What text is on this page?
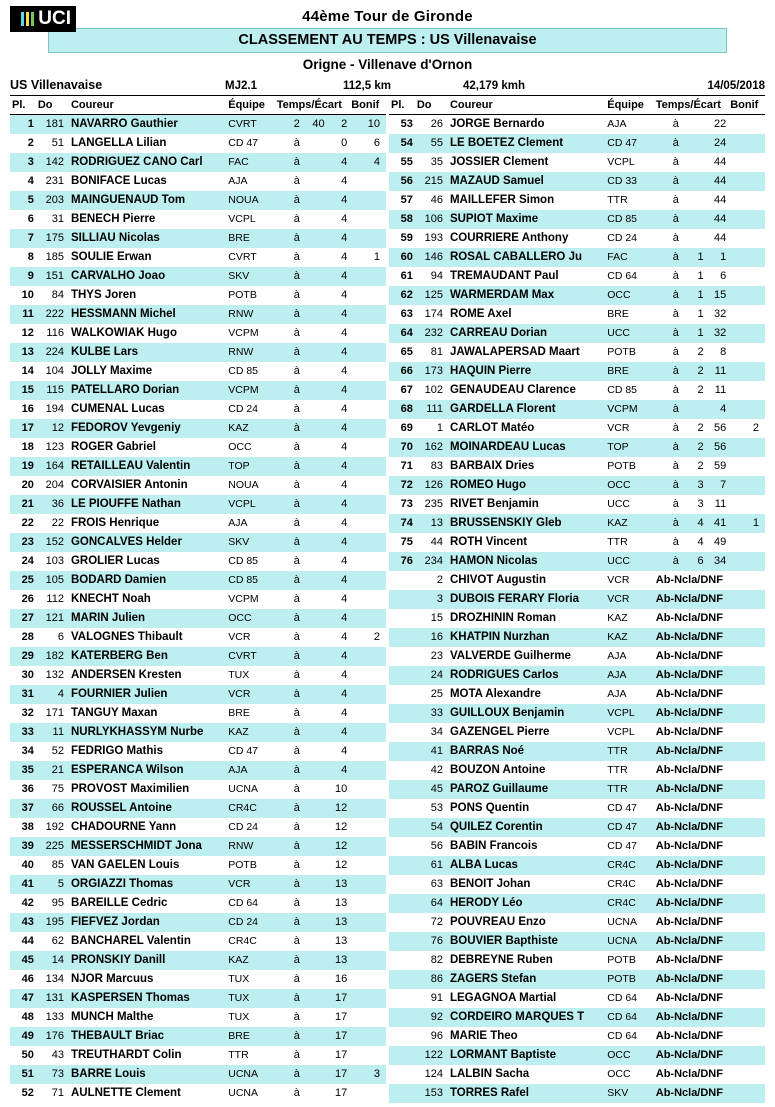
UCI	44ème Tour de Gironde
CLASSEMENT AU TEMPS : US Villenavaise
Origne - Villenave d'Ornon
US Villenavaise	MJ2.1	112,5 km	42,179 kmh	14/05/2018
Pl.	Do	Coureur	Équipe	Temps/Écart			Bonif
1	181	NAVARRO Gauthier	CVRT	2	40	2	10
2	51	LANGELLA Lilian	CD 47	à		0	6
3	142	RODRIGUEZ CANO Carl	FAC	à		4	4
4	231	BONIFACE Lucas	AJA	à		4	
5	203	MAINGUENAUD Tom	NOUA	à		4	
6	31	BENECH Pierre	VCPL	à		4	
7	175	SILLIAU Nicolas	BRE	à		4	
8	185	SOULIE Erwan	CVRT	à		4	1
9	151	CARVALHO Joao	SKV	à		4	
10	84	THYS Joren	POTB	à		4	
11	222	HESSMANN Michel	RNW	à		4	
12	116	WALKOWIAK Hugo	VCPM	à		4	
13	224	KULBE Lars	RNW	à		4	
14	104	JOLLY Maxime	CD 85	à		4	
15	115	PATELLARO Dorian	VCPM	à		4	
16	194	CUMENAL Lucas	CD 24	à		4	
17	12	FEDOROV Yevgeniy	KAZ	à		4	
18	123	ROGER Gabriel	OCC	à		4	
19	164	RETAILLEAU Valentin	TOP	à		4	
20	204	CORVAISIER Antonin	NOUA	à		4	
21	36	LE PIOUFFE Nathan	VCPL	à		4	
22	22	FROIS Henrique	AJA	à		4	
23	152	GONCALVES Helder	SKV	à		4	
24	103	GROLIER Lucas	CD 85	à		4	
25	105	BODARD Damien	CD 85	à		4	
26	112	KNECHT Noah	VCPM	à		4	
27	121	MARIN Julien	OCC	à		4	
28	6	VALOGNES Thibault	VCR	à		4	2
29	182	KATERBERG Ben	CVRT	à		4	
30	132	ANDERSEN Kresten	TUX	à		4	
31	4	FOURNIER Julien	VCR	à		4	
32	171	TANGUY Maxan	BRE	à		4	
33	11	NURLYKHASSYM Nurbe	KAZ	à		4	
34	52	FEDRIGO Mathis	CD 47	à		4	
35	21	ESPERANCA Wilson	AJA	à		4	
36	75	PROVOST Maximilien	UCNA	à		10	
37	66	ROUSSEL Antoine	CR4C	à		12	
38	192	CHADOURNE Yann	CD 24	à		12	
39	225	MESSERSCHMIDT Jona	RNW	à		12	
40	85	VAN GAELEN Louis	POTB	à		12	
41	5	ORGIAZZI Thomas	VCR	à		13	
42	95	BAREILLE Cedric	CD 64	à		13	
43	195	FIEFVEZ Jordan	CD 24	à		13	
44	62	BANCHAREL Valentin	CR4C	à		13	
45	14	PRONSKIY Danill	KAZ	à		13	
46	134	NJOR Marcuus	TUX	à		16	
47	131	KASPERSEN Thomas	TUX	à		17	
48	133	MUNCH Malthe	TUX	à		17	
49	176	THEBAULT Briac	BRE	à		17	
50	43	TREUTHARDT Colin	TTR	à		17	
51	73	BARRE Louis	UCNA	à		17	3
52	71	AULNETTE Clement	UCNA	à		17	
Pl.	Do	Coureur	Équipe	Temps/Écart			Bonif
53	26	JORGE Bernardo	AJA	à		22	
54	55	LE BOETEZ Clement	CD 47	à		24	
55	35	JOSSIER Clement	VCPL	à		44	
56	215	MAZAUD Samuel	CD 33	à		44	
57	46	MAILLEFER Simon	TTR	à		44	
58	106	SUPIOT Maxime	CD 85	à		44	
59	193	COURRIERE Anthony	CD 24	à		44	
60	146	ROSAL CABALLERO Ju	FAC	à	1	1	
61	94	TREMAUDANT Paul	CD 64	à	1	6	
62	125	WARMERDAM Max	OCC	à	1	15	
63	174	ROME Axel	BRE	à	1	32	
64	232	CARREAU Dorian	UCC	à	1	32	
65	81	JAWALAPERSAD Maart	POTB	à	2	8	
66	173	HAQUIN Pierre	BRE	à	2	11	
67	102	GENAUDEAU Clarence	CD 85	à	2	11	
68	111	GARDELLA Florent	VCPM	à		4	
69	1	CARLOT Matéo	VCR	à	2	56	2
70	162	MOINARDEAU Lucas	TOP	à	2	56	
71	83	BARBAIX Dries	POTB	à	2	59	
72	126	ROMEO Hugo	OCC	à	3	7	
73	235	RIVET Benjamin	UCC	à	3	11	
74	13	BRUSSENSKIY Gleb	KAZ	à	4	41	1
75	44	ROTH Vincent	TTR	à	4	49	
76	234	HAMON Nicolas	UCC	à	6	34	
	2	CHIVOT Augustin	VCR	Ab-Ncla/DNF			
	3	DUBOIS FERARY Floria	VCR	Ab-Ncla/DNF			
	15	DROZHININ Roman	KAZ	Ab-Ncla/DNF			
	16	KHATPIN Nurzhan	KAZ	Ab-Ncla/DNF			
	23	VALVERDE Guilherme	AJA	Ab-Ncla/DNF			
	24	RODRIGUES Carlos	AJA	Ab-Ncla/DNF			
	25	MOTA Alexandre	AJA	Ab-Ncla/DNF			
	33	GUILLOUX Benjamin	VCPL	Ab-Ncla/DNF			
	34	GAZENGEL Pierre	VCPL	Ab-Ncla/DNF			
	41	BARRAS Noé	TTR	Ab-Ncla/DNF			
	42	BOUZON Antoine	TTR	Ab-Ncla/DNF			
	45	PAROZ Guillaume	TTR	Ab-Ncla/DNF			
	53	PONS Quentin	CD 47	Ab-Ncla/DNF			
	54	QUILEZ Corentin	CD 47	Ab-Ncla/DNF			
	56	BABIN Francois	CD 47	Ab-Ncla/DNF			
	61	ALBA Lucas	CR4C	Ab-Ncla/DNF			
	63	BENOIT Johan	CR4C	Ab-Ncla/DNF			
	64	HERODY Léo	CR4C	Ab-Ncla/DNF			
	72	POUVREAU Enzo	UCNA	Ab-Ncla/DNF			
	76	BOUVIER Bapthiste	UCNA	Ab-Ncla/DNF			
	82	DEBREYNE Ruben	POTB	Ab-Ncla/DNF			
	86	ZAGERS Stefan	POTB	Ab-Ncla/DNF			
	91	LEGAGNOA Martial	CD 64	Ab-Ncla/DNF			
	92	CORDEIRO MARQUES T	CD 64	Ab-Ncla/DNF			
	96	MARIE Theo	CD 64	Ab-Ncla/DNF			
	122	LORMANT Baptiste	OCC	Ab-Ncla/DNF			
	124	LALBIN Sacha	OCC	Ab-Ncla/DNF			
	153	TORRES Rafel	SKV	Ab-Ncla/DNF			
